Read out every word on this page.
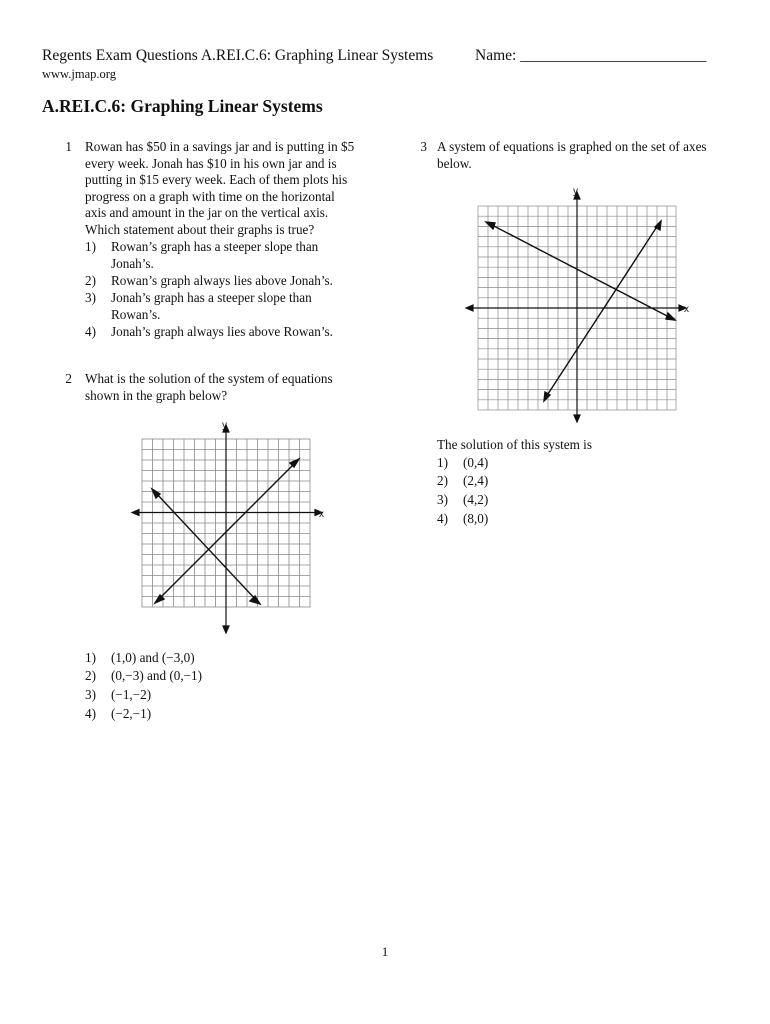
Regents Exam Questions A.REI.C.6: Graphing Linear Systems	Name: ________________________
www.jmap.org
A.REI.C.6: Graphing Linear Systems
1 Rowan has $50 in a savings jar and is putting in $5
every week. Jonah has $10 in his own jar and is
putting in $15 every week. Each of them plots his
progress on a graph with time on the horizontal
axis and amount in the jar on the vertical axis.
Which statement about their graphs is true?
1)	Rowan’s graph has a steeper slope than
Jonah’s.
2)	Rowan’s graph always lies above Jonah’s.
3)	Jonah’s graph has a steeper slope than
Rowan’s.
4)	Jonah’s graph always lies above Rowan’s.
2 What is the solution of the system of equations
shown in the graph below?
x
y
1) (1,0) and (−3,0)
2) (0,−3) and (0,−1)
3) (−1,−2)
4) (−2,−1)
3 A system of equations is graphed on the set of axes
below.
x
y
The solution of this system is
1) (0,4)
2) (2,4)
3) (4,2)
4) (8,0)
1
